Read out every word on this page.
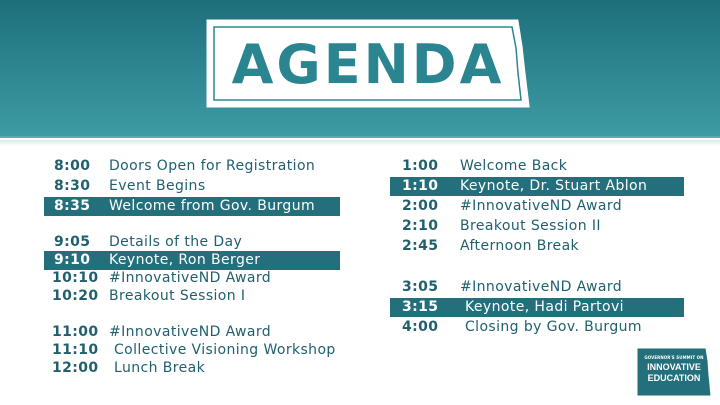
AGENDA
8:00 Doors Open for Registration
8:30 Event Begins
8:35 Welcome from Gov. Burgum
9:05 Details of the Day
9:10 Keynote, Ron Berger
10:10 #InnovativeND Award
10:20 Breakout Session I
11:00 #InnovativeND Award
11:10 Collective Visioning Workshop
12:00 Lunch Break
1:00 Welcome Back
1:10 Keynote, Dr. Stuart Ablon
2:00 #InnovativeND Award
2:10 Breakout Session II
2:45 Afternoon Break
3:05 #InnovativeND Award
3:15 Keynote, Hadi Partovi
4:00 Closing by Gov. Burgum
GOVERNOR'S SUMMIT ON
INNOVATIVE
EDUCATION
